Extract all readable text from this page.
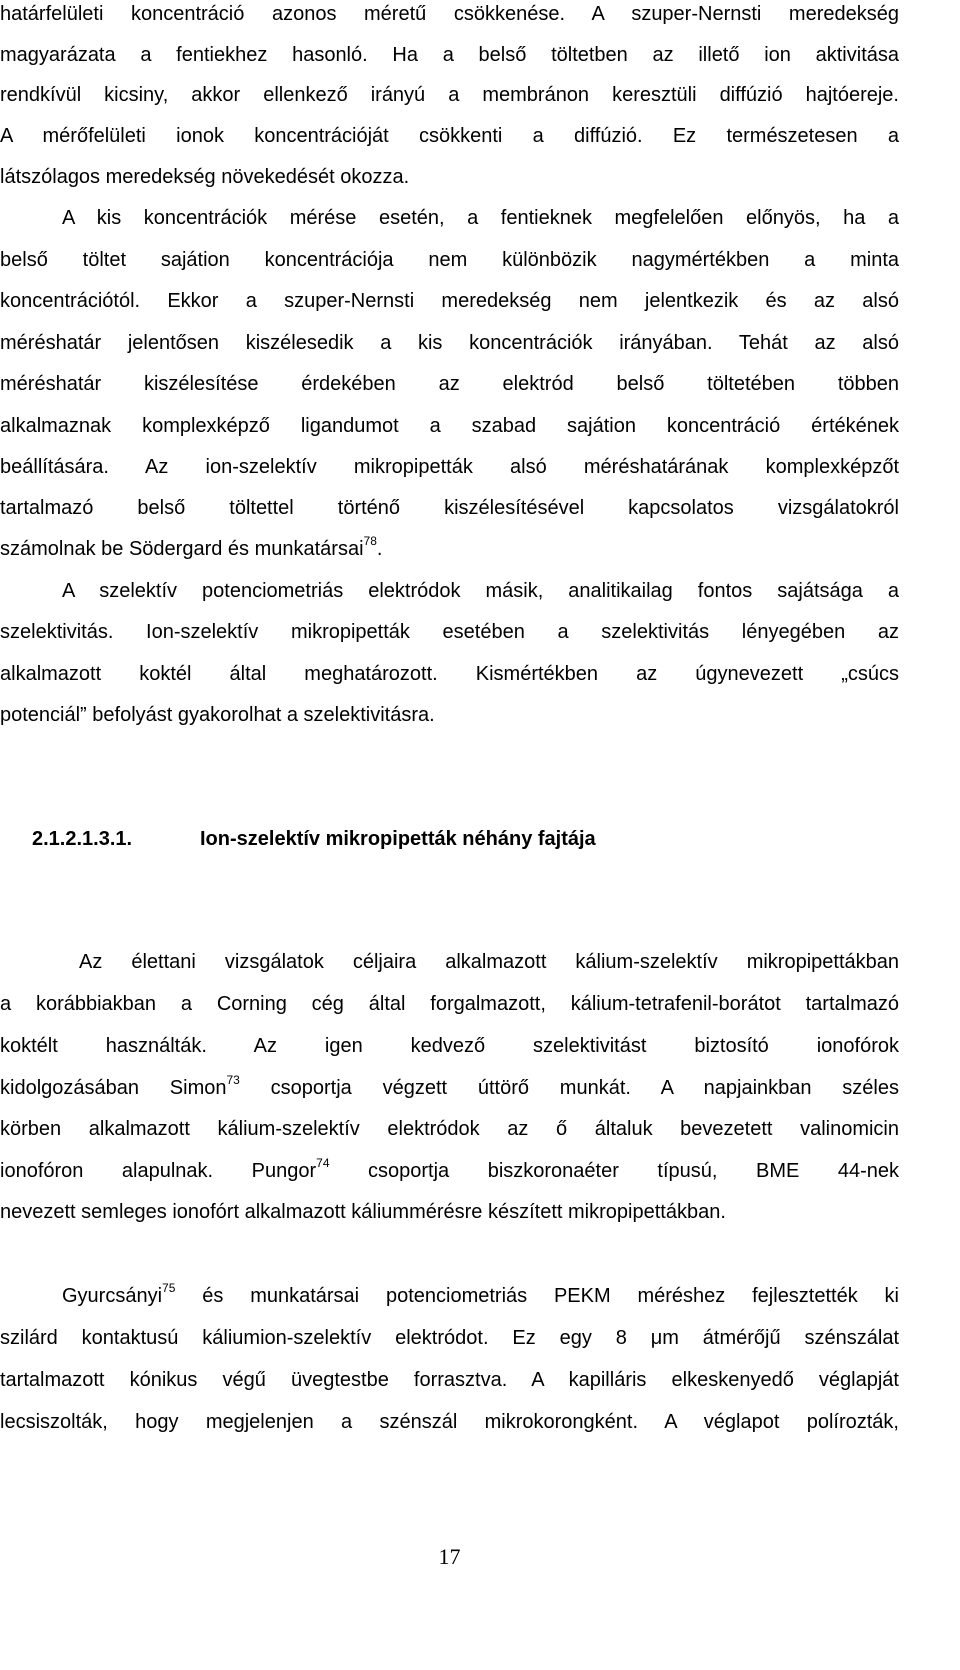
határfelületi koncentráció azonos méretű csökkenése. A szuper-Nernsti meredekség
magyarázata a fentiekhez hasonló. Ha a belső töltetben az illető ion aktivitása
rendkívül kicsiny, akkor ellenkező irányú a membránon keresztüli diffúzió hajtóereje.
A mérőfelületi ionok koncentrációját csökkenti a diffúzió. Ez természetesen a
látszólagos meredekség növekedését okozza.
A kis koncentrációk mérése esetén, a fentieknek megfelelően előnyös, ha a
belső töltet sajátion koncentrációja nem különbözik nagymértékben a minta
koncentrációtól. Ekkor a szuper-Nernsti meredekség nem jelentkezik és az alsó
méréshatár jelentősen kiszélesedik a kis koncentrációk irányában. Tehát az alsó
méréshatár kiszélesítése érdekében az elektród belső töltetében többen
alkalmaznak komplexképző ligandumot a szabad sajátion koncentráció értékének
beállítására. Az ion-szelektív mikropipetták alsó méréshatárának komplexképzőt
tartalmazó belső töltettel történő kiszélesítésével kapcsolatos vizsgálatokról
számolnak be Södergard és munkatársai$^{78}$.
A szelektív potenciometriás elektródok másik, analitikailag fontos sajátsága a
szelektivitás. Ion-szelektív mikropipetták esetében a szelektivitás lényegében az
alkalmazott koktél által meghatározott. Kismértékben az úgynevezett „csúcs
potenciál” befolyást gyakorolhat a szelektivitásra.
2.1.2.1.3.1.	Ion-szelektív mikropipetták néhány fajtája
Az élettani vizsgálatok céljaira alkalmazott kálium-szelektív mikropipettákban
a korábbiakban a Corning cég által forgalmazott, kálium-tetrafenil-borátot tartalmazó
koktélt használták. Az igen kedvező szelektivitást biztosító ionofórok
kidolgozásában Simon$^{73}$ csoportja végzett úttörő munkát. A napjainkban széles
körben alkalmazott kálium-szelektív elektródok az ő általuk bevezetett valinomicin
ionofóron alapulnak. Pungor$^{74}$ csoportja biszkoronaéter típusú, BME 44-nek
nevezett semleges ionofórt alkalmazott káliummérésre készített mikropipettákban.
Gyurcsányi$^{75}$ és munkatársai potenciometriás PEKM méréshez fejlesztették ki
szilárd kontaktusú káliumion-szelektív elektródot. Ez egy 8 μm átmérőjű szénszálat
tartalmazott kónikus végű üvegtestbe forrasztva. A kapilláris elkeskenyedő véglapját
lecsiszolták, hogy megjelenjen a szénszál mikrokorongként. A véglapot polírozták,
17
